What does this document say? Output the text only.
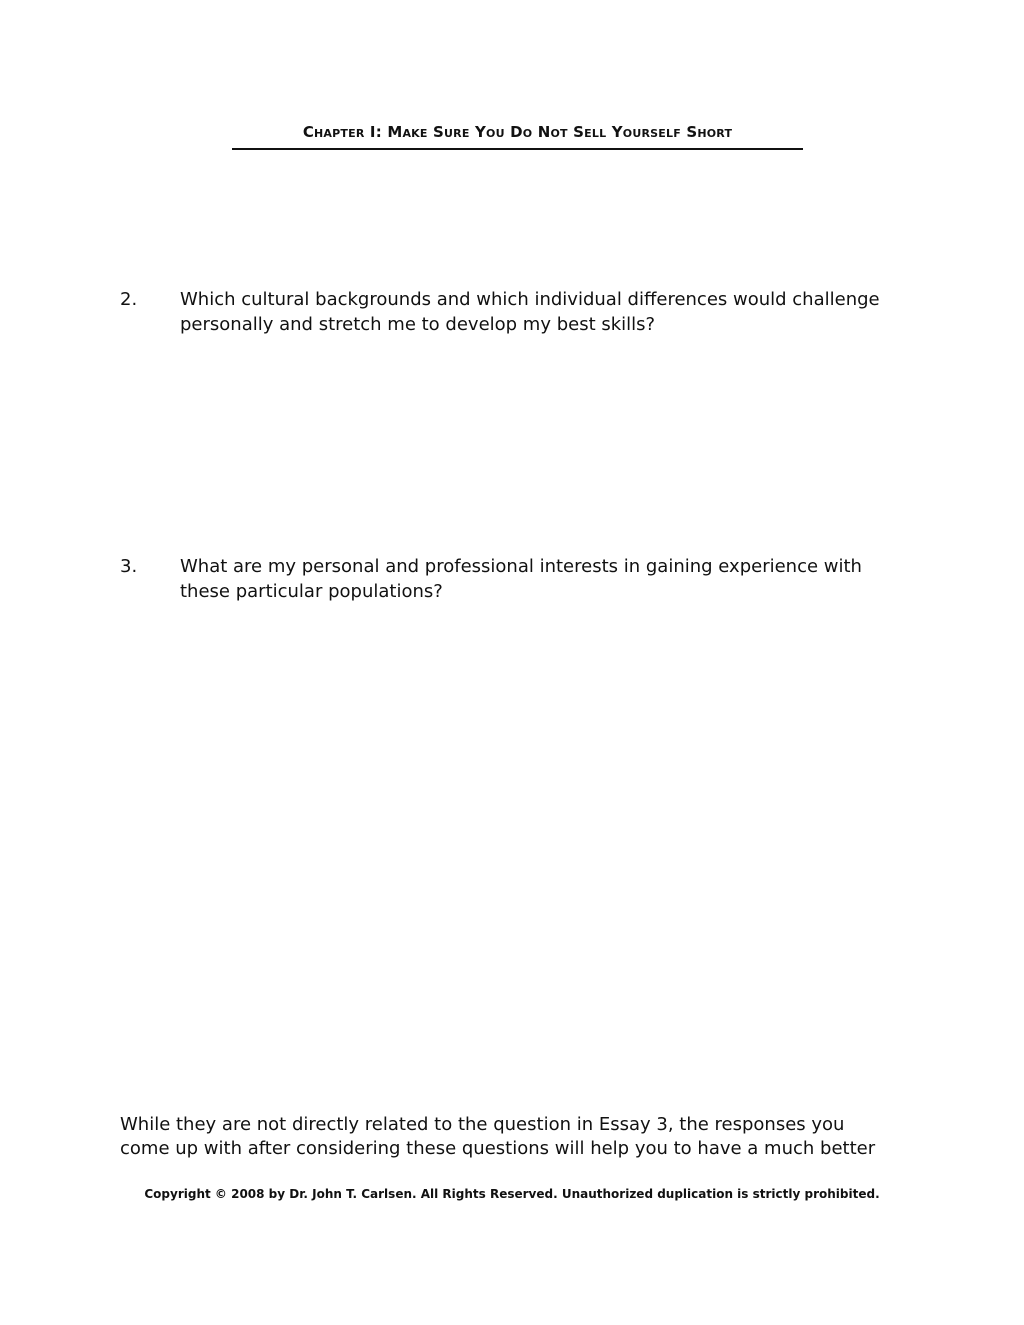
Chapter I: Make Sure You Do Not Sell Yourself Short
2.	Which cultural backgrounds and which individual differences would challenge personally and stretch me to develop my best skills?
3.	What are my personal and professional interests in gaining experience with these particular populations?
While they are not directly related to the question in Essay 3, the responses you come up with after considering these questions will help you to have a much better
Copyright © 2008 by Dr. John T. Carlsen. All Rights Reserved. Unauthorized duplication is strictly prohibited.
